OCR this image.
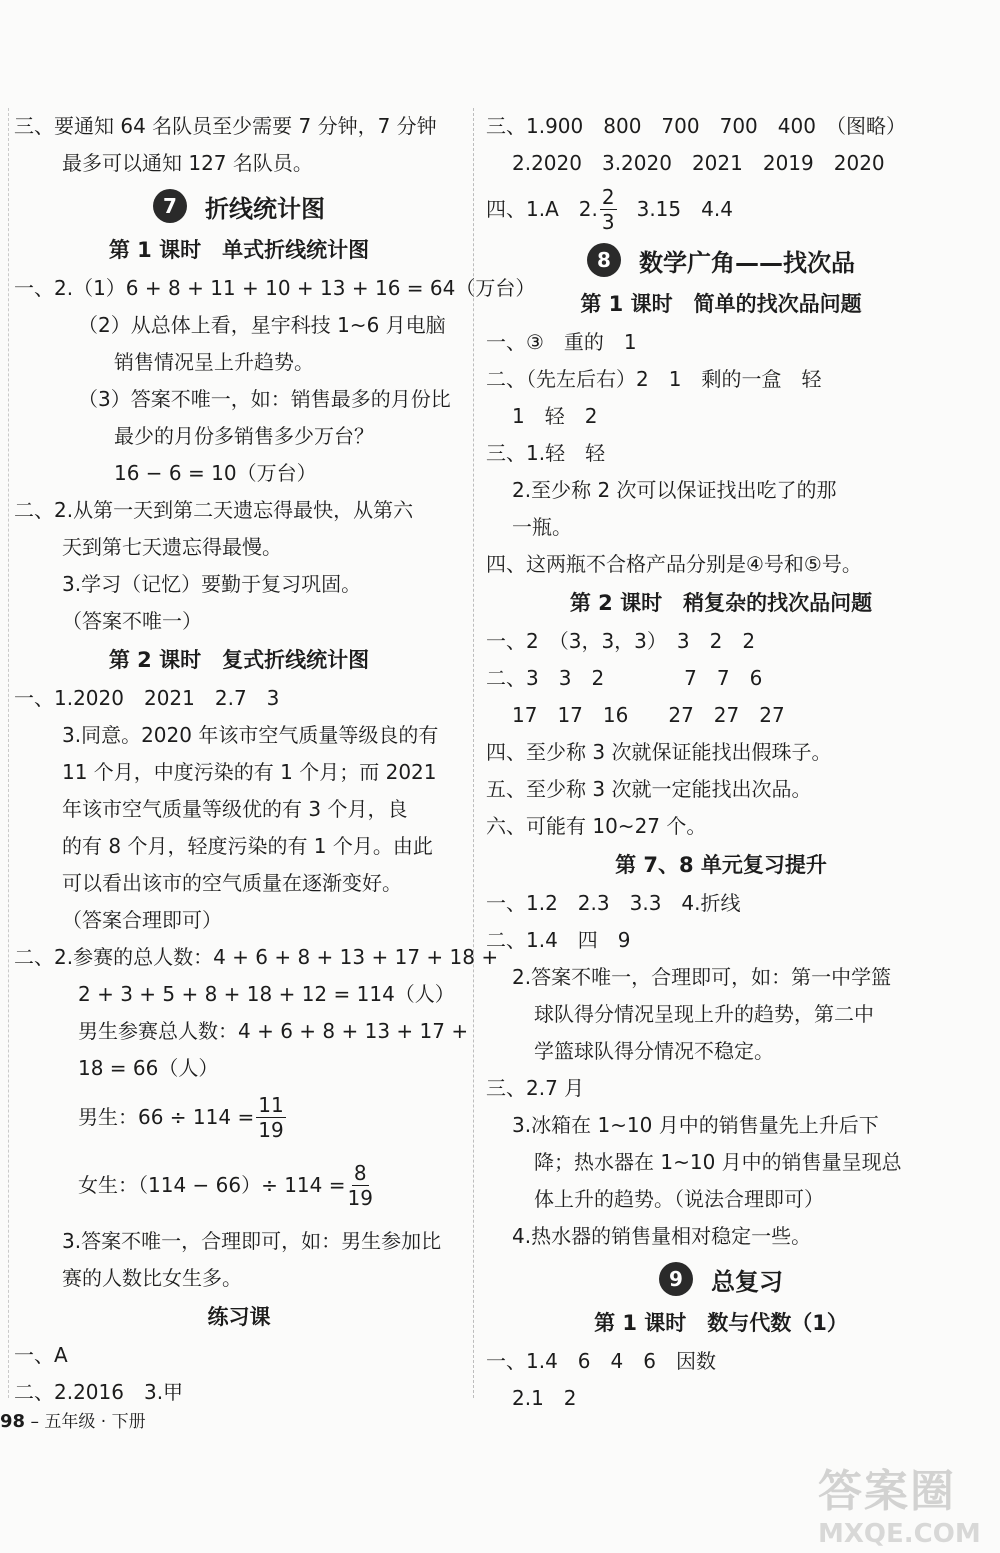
三、要通知 64 名队员至少需要 7 分钟，7 分钟
最多可以通知 127 名队员。
7	折线统计图
第 1 课时　单式折线统计图
一、2.（1）6 + 8 + 11 + 10 + 13 + 16 = 64（万台）
（2）从总体上看，星宇科技 1~6 月电脑
销售情况呈上升趋势。
（3）答案不唯一，如：销售最多的月份比
最少的月份多销售多少万台？
16 − 6 = 10（万台）
二、2.从第一天到第二天遗忘得最快，从第六
天到第七天遗忘得最慢。
3.学习（记忆）要勤于复习巩固。
（答案不唯一）
第 2 课时　复式折线统计图
一、1.2020　2021　2.7　3
3.同意。2020 年该市空气质量等级良的有
11 个月，中度污染的有 1 个月；而 2021
年该市空气质量等级优的有 3 个月，良
的有 8 个月，轻度污染的有 1 个月。由此
可以看出该市的空气质量在逐渐变好。
（答案合理即可）
二、2.参赛的总人数：4 + 6 + 8 + 13 + 17 + 18 +
2 + 3 + 5 + 8 + 18 + 12 = 114（人）
男生参赛总人数：4 + 6 + 8 + 13 + 17 +
18 = 66（人）
男生：$66 \div 114 = \frac{11}{19}$
女生：$(114 - 66)\div 114 = \frac{8}{19}$
3.答案不唯一，合理即可，如：男生参加比
赛的人数比女生多。
练习课
一、A
二、2.2016　3.甲
三、1.900　800　700　700　400　（图略）
2.2020　3.2020　2021　2019　2020
四、1.A　2. $\frac{2}{3}$ 　3.15　4.4
8	数学广角——找次品
第 1 课时　简单的找次品问题
一、③　重的　1
二、（先左后右）2　1　剩的一盒　轻
1　轻　2
三、1.轻　轻
2.至少称 2 次可以保证找出吃了的那
一瓶。
四、这两瓶不合格产品分别是④号和⑤号。
第 2 课时　稍复杂的找次品问题
一、2　（3，3，3）　3　2　2
二、3　3　2　　　　7　7　6
17　17　16　　27　27　27
四、至少称 3 次就保证能找出假珠子。
五、至少称 3 次就一定能找出次品。
六、可能有 10~27 个。
第 7、8 单元复习提升
一、1.2　2.3　3.3　4.折线
二、1.4　四　9
2.答案不唯一，合理即可，如：第一中学篮
球队得分情况呈现上升的趋势，第二中
学篮球队得分情况不稳定。
三、2.7 月
3.冰箱在 1~10 月中的销售量先上升后下
降；热水器在 1~10 月中的销售量呈现总
体上升的趋势。（说法合理即可）
4.热水器的销售量相对稳定一些。
9	总复习
第 1 课时　数与代数（1）
一、1.4　6　4　6　因数
2.1　2
98 – 五年级 · 下册
答案圈
MXQE.COM
